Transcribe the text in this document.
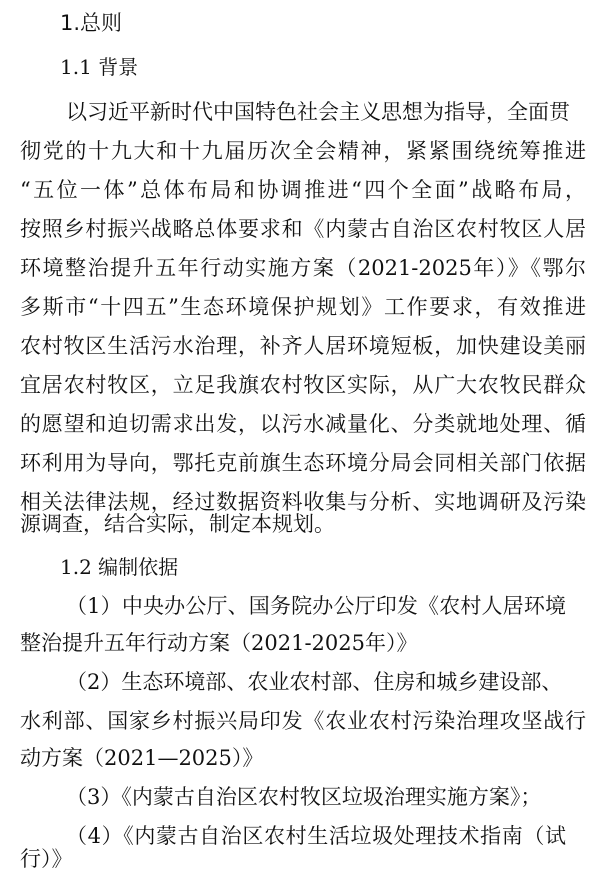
1.总则
1.1 背景
以习近平新时代中国特色社会主义思想为指导，全面贯
彻党的十九大和十九届历次全会精神，紧紧围绕统筹推进
“五位一体”总体布局和协调推进“四个全面”战略布局，
按照乡村振兴战略总体要求和《内蒙古自治区农村牧区人居
环境整治提升五年行动实施方案（2021-2025年）》《鄂尔
多斯市“十四五”生态环境保护规划》工作要求，有效推进
农村牧区生活污水治理，补齐人居环境短板，加快建设美丽
宜居农村牧区，立足我旗农村牧区实际，从广大农牧民群众
的愿望和迫切需求出发，以污水减量化、分类就地处理、循
环利用为导向，鄂托克前旗生态环境分局会同相关部门依据
相关法律法规，经过数据资料收集与分析、实地调研及污染
源调查，结合实际，制定本规划。
1.2 编制依据
（1）中央办公厅、国务院办公厅印发《农村人居环境
整治提升五年行动方案（2021-2025年）》
（2）生态环境部、农业农村部、住房和城乡建设部、
水利部、国家乡村振兴局印发《农业农村污染治理攻坚战行
动方案（2021—2025）》
（3）《内蒙古自治区农村牧区垃圾治理实施方案》；
（4）《内蒙古自治区农村生活垃圾处理技术指南（试
行）》
